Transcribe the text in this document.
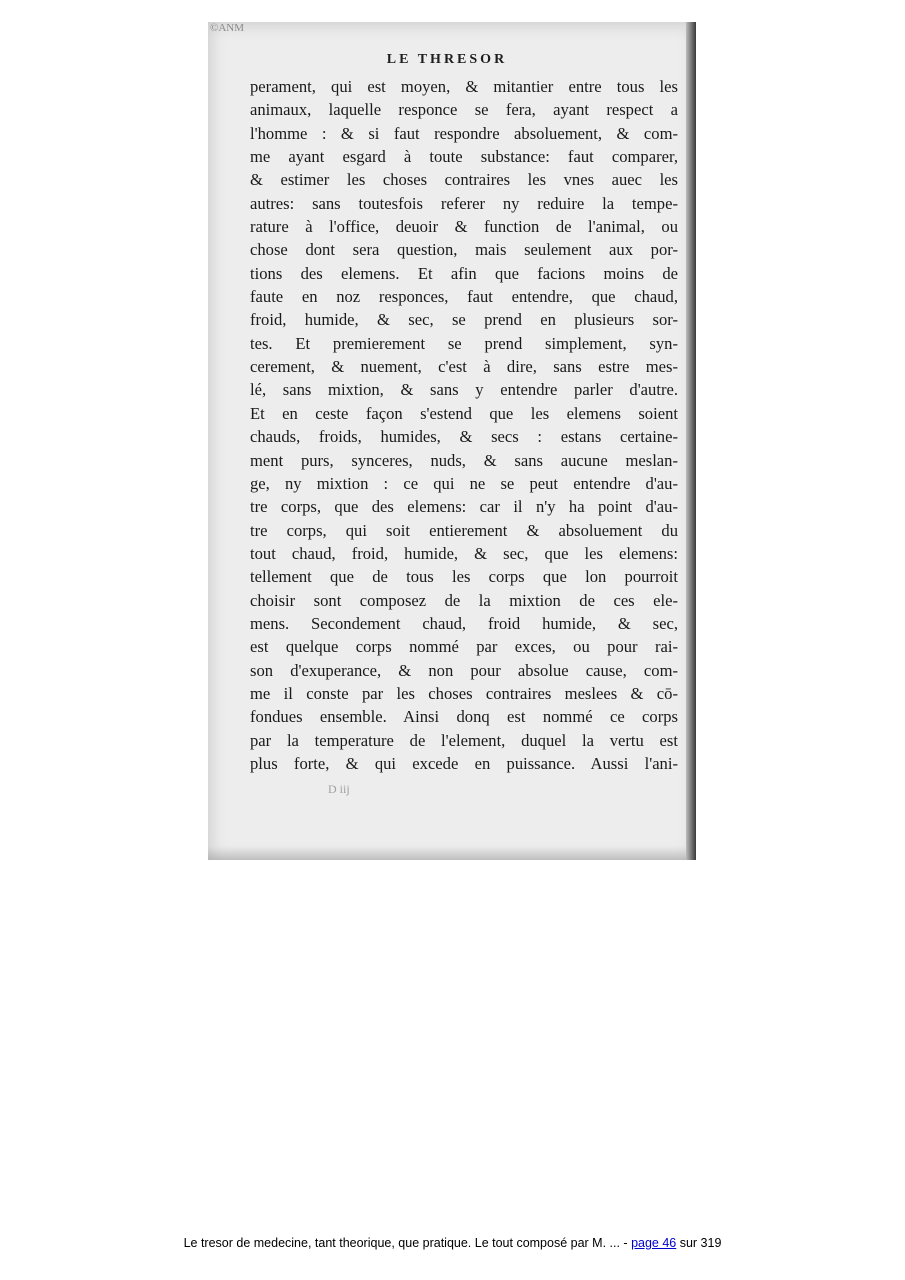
©ANM
LE THRESOR
perament, qui est moyen, & mitantier entre tous les
animaux, laquelle responce se fera, ayant respect a
l'homme : & si faut respondre absoluement, & com-
me ayant esgard à toute substance: faut comparer,
& estimer les choses contraires les vnes auec les
autres: sans toutesfois referer ny reduire la tempe-
rature à l'office, deuoir & function de l'animal, ou
chose dont sera question, mais seulement aux por-
tions des elemens. Et afin que facions moins de
faute en noz responces, faut entendre, que chaud,
froid, humide, & sec, se prend en plusieurs sor-
tes. Et premierement se prend simplement, syn-
cerement, & nuement, c'est à dire, sans estre mes-
lé, sans mixtion, & sans y entendre parler d'autre.
Et en ceste façon s'estend que les elemens soient
chauds, froids, humides, & secs : estans certaine-
ment purs, synceres, nuds, & sans aucune meslan-
ge, ny mixtion : ce qui ne se peut entendre d'au-
tre corps, que des elemens: car il n'y ha point d'au-
tre corps, qui soit entierement & absoluement du
tout chaud, froid, humide, & sec, que les elemens:
tellement que de tous les corps que lon pourroit
choisir sont composez de la mixtion de ces ele-
mens. Secondement chaud, froid humide, & sec,
est quelque corps nommé par exces, ou pour rai-
son d'exuperance, & non pour absolue cause, com-
me il conste par les choses contraires meslees & cō-
fondues ensemble. Ainsi donq est nommé ce corps
par la temperature de l'element, duquel la vertu est
plus forte, & qui excede en puissance. Aussi l'ani-
D iij
Le tresor de medecine, tant theorique, que pratique. Le tout composé par M. ... - page 46 sur 319
